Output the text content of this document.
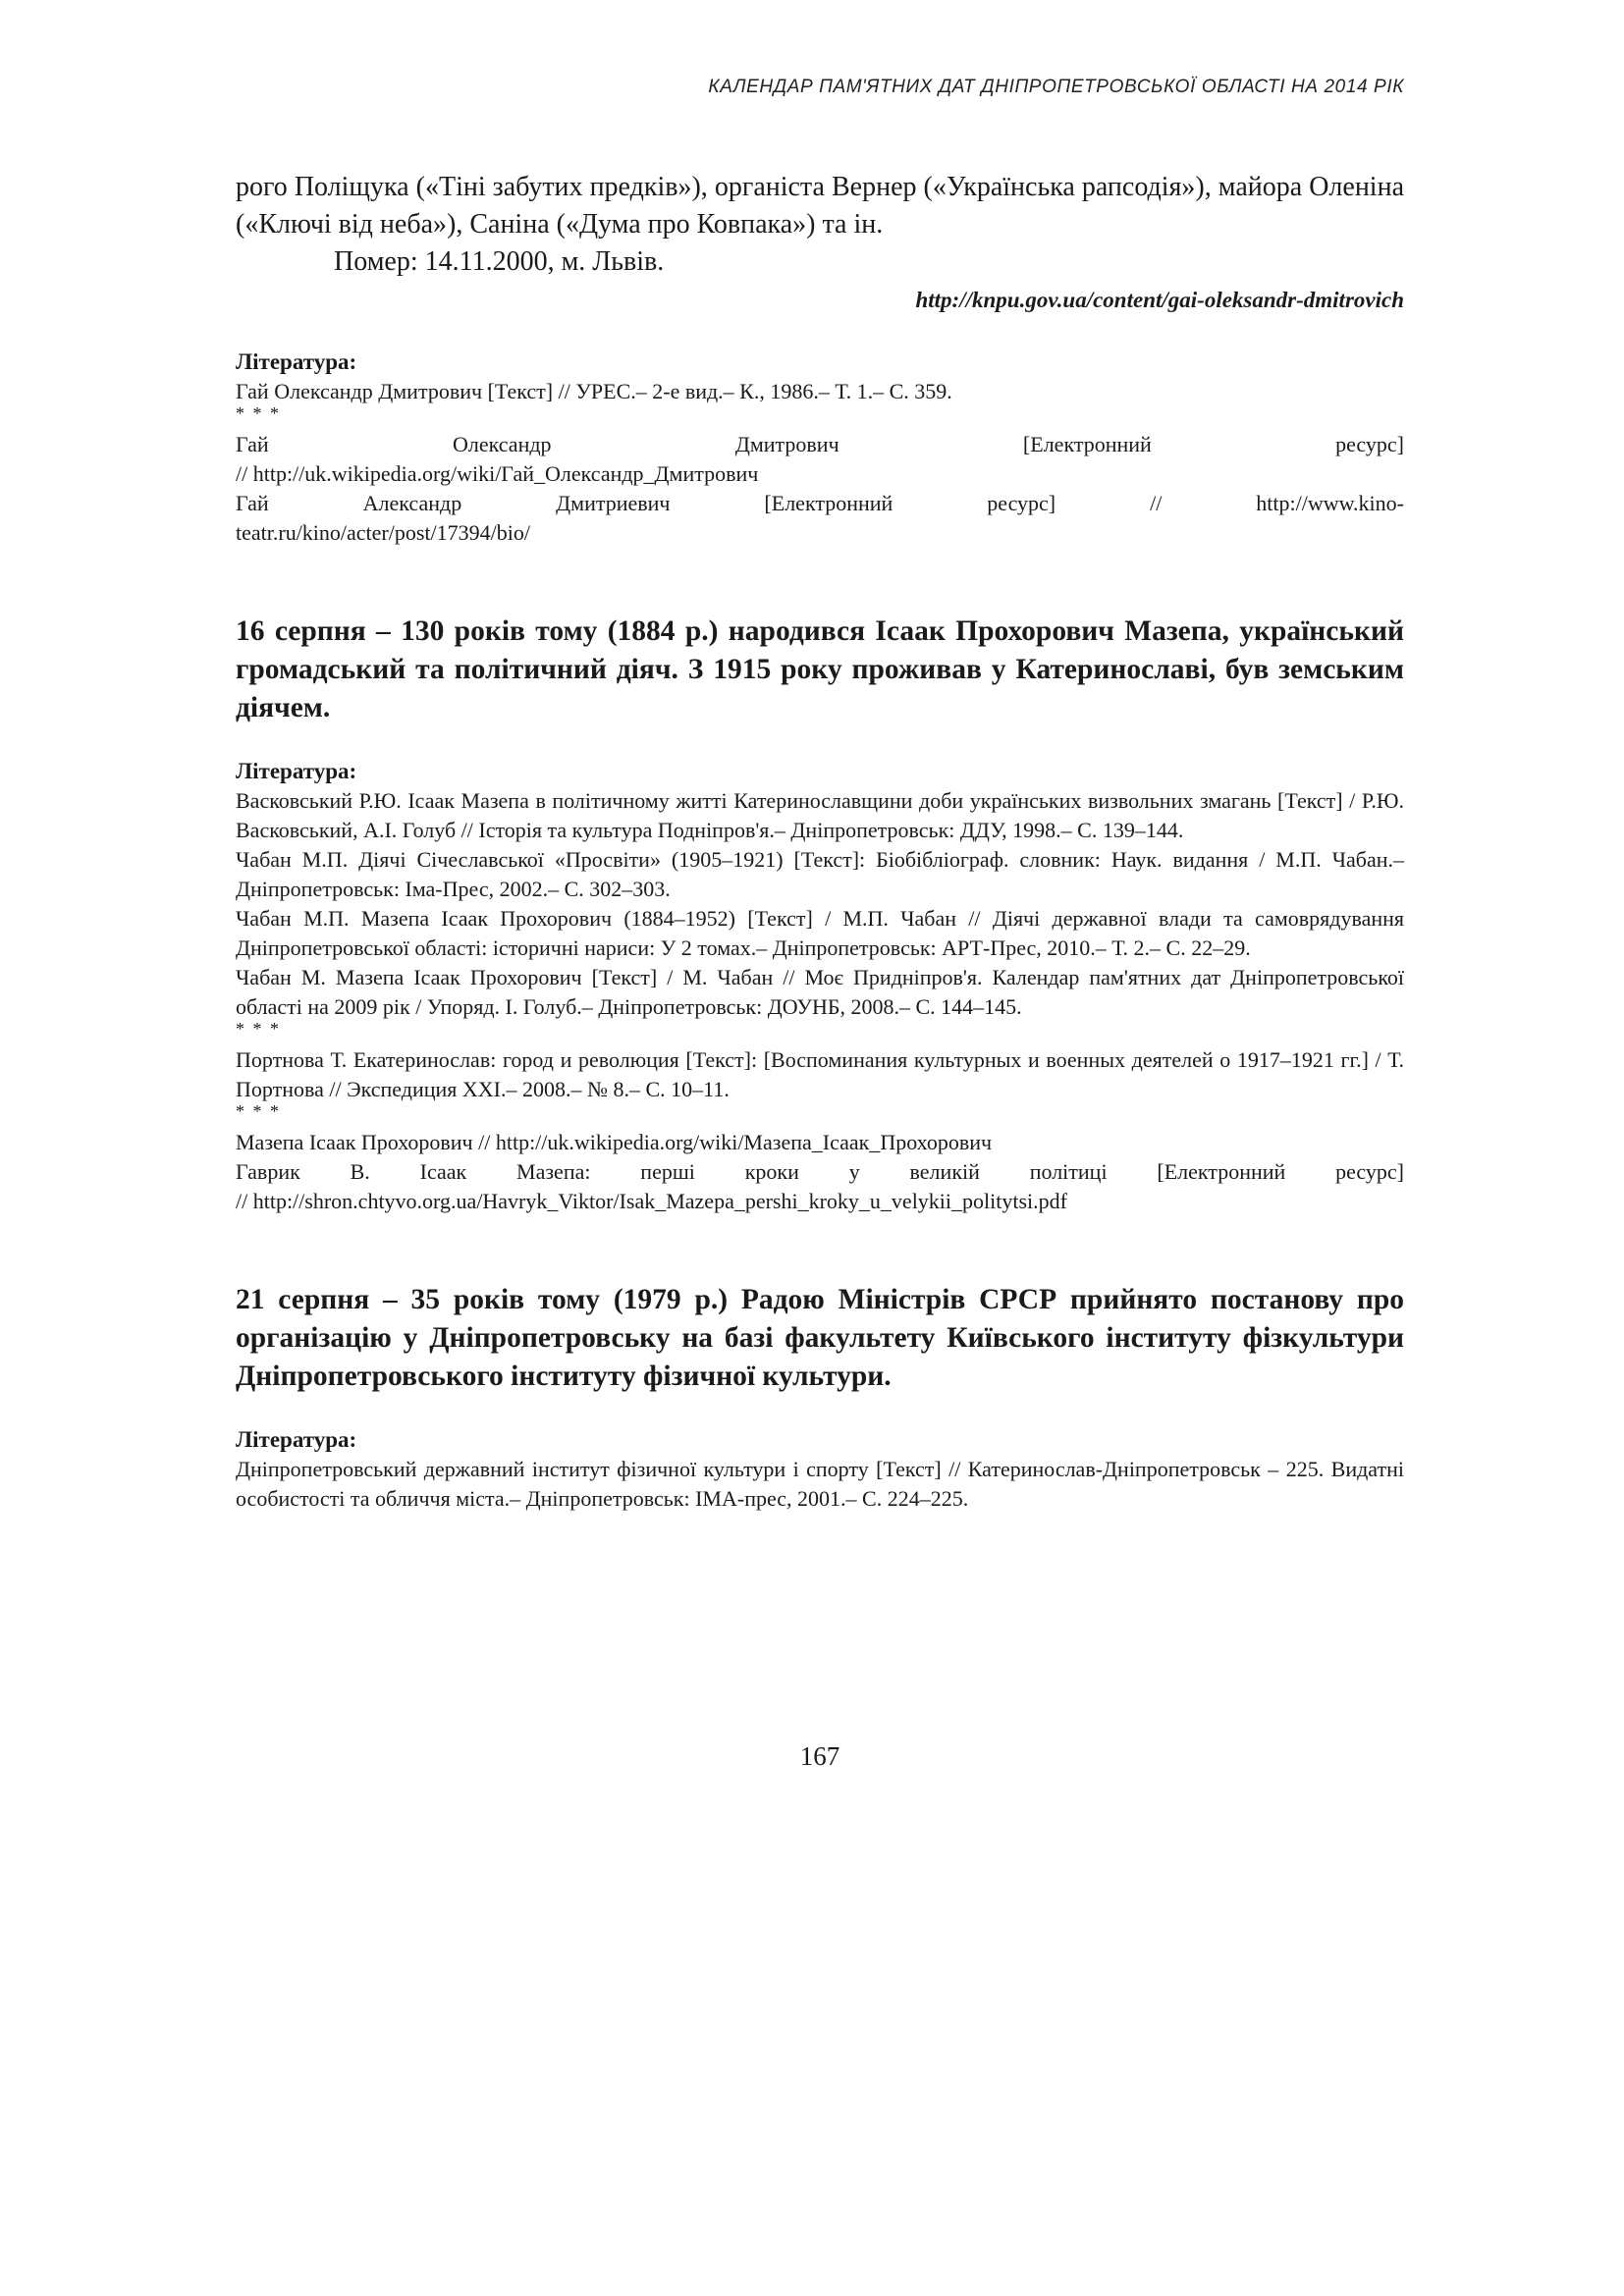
КАЛЕНДАР ПАМ'ЯТНИХ ДАТ ДНІПРОПЕТРОВСЬКОЇ ОБЛАСТІ НА 2014 РІК

рого Поліщука («Тіні забутих предків»), органіста Вернер («Українська рапсодія»), майора Оленіна («Ключі від неба»), Саніна («Дума про Ковпака») та ін.

Помер: 14.11.2000, м. Львів.

http://knpu.gov.ua/content/gai-oleksandr-dmitrovich

Література:

Гай Олександр Дмитрович [Текст] // УРЕС.– 2-е вид.– К., 1986.– Т. 1.– С. 359.

* * *

Гай Олександр Дмитрович [Електронний ресурс]

// http://uk.wikipedia.org/wiki/Гай_Олександр_Дмитрович

Гай Александр Дмитриевич [Електронний ресурс] // http://www.kino-

teatr.ru/kino/acter/post/17394/bio/

16 серпня – 130 років тому (1884 р.) народився Ісаак Прохорович Мазепа, український громадський та політичний діяч. З 1915 року проживав у Катеринославі, був земським діячем.

Література:

Васковський Р.Ю. Ісаак Мазепа в політичному житті Катеринославщини доби українських визвольних змагань [Текст] / Р.Ю. Васковський, А.І. Голуб // Історія та культура Подніпров'я.– Дніпропетровськ: ДДУ, 1998.– С. 139–144.

Чабан М.П. Діячі Січеславської «Просвіти» (1905–1921) [Текст]: Біобібліограф. словник: Наук. видання / М.П. Чабан.– Дніпропетровськ: Іма-Прес, 2002.– С. 302–303.

Чабан М.П. Мазепа Ісаак Прохорович (1884–1952) [Текст] / М.П. Чабан // Діячі державної влади та самоврядування Дніпропетровської області: історичні нариси: У 2 томах.– Дніпропетровськ: АРТ-Прес, 2010.– Т. 2.– С. 22–29.

Чабан М. Мазепа Ісаак Прохорович [Текст] / М. Чабан // Моє Придніпров'я. Календар пам'ятних дат Дніпропетровської області на 2009 рік / Упоряд. І. Голуб.– Дніпропетровськ: ДОУНБ, 2008.– С. 144–145.

* * *

Портнова Т. Екатеринослав: город и революция [Текст]: [Воспоминания культурных и военных деятелей о 1917–1921 гг.] / Т. Портнова // Экспедиция XXI.– 2008.– № 8.– С. 10–11.

* * *

Мазепа Ісаак Прохорович // http://uk.wikipedia.org/wiki/Мазепа_Ісаак_Прохорович

Гаврик В. Ісаак Мазепа: перші кроки у великій політиці [Електронний ресурс]

// http://shron.chtyvo.org.ua/Havryk_Viktor/Isak_Mazepa_pershi_kroky_u_velykii_politytsi.pdf

21 серпня – 35 років тому (1979 р.) Радою Міністрів СРСР прийнято постанову про організацію у Дніпропетровську на базі факультету Київського інституту фізкультури Дніпропетровського інституту фізичної культури.

Література:

Дніпропетровський державний інститут фізичної культури і спорту [Текст] // Катеринослав-Дніпропетровськ – 225. Видатні особистості та обличчя міста.– Дніпропетровськ: ІМА-прес, 2001.– С. 224–225.

167
